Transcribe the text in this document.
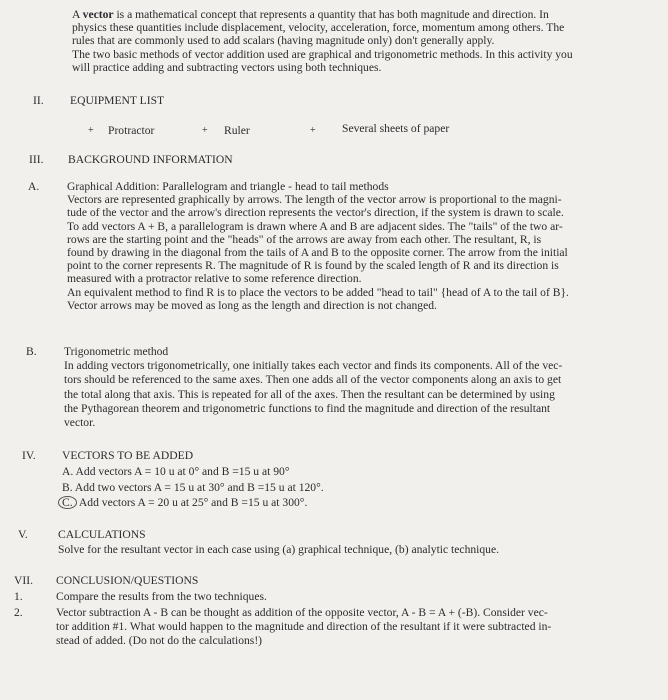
A vector is a mathematical concept that represents a quantity that has both magnitude and direction. In

physics these quantities include displacement, velocity, acceleration, force, momentum among others. The

rules that are commonly used to add scalars (having magnitude only) don't generally apply.

The two basic methods of vector addition used are graphical and trigonometric methods. In this activity you

will practice adding and subtracting vectors using both techniques.

II. EQUIPMENT LIST
+ Protractor	+ Ruler	+ Several sheets of paper
III. BACKGROUND INFORMATION
A. Graphical Addition: Parallelogram and triangle - head to tail methods

Vectors are represented graphically by arrows. The length of the vector arrow is proportional to the magni-

tude of the vector and the arrow's direction represents the vector's direction, if the system is drawn to scale.

To add vectors A + B, a parallelogram is drawn where A and B are adjacent sides. The "tails" of the two ar-

rows are the starting point and the "heads" of the arrows are away from each other. The resultant, R, is

found by drawing in the diagonal from the tails of A and B to the opposite corner. The arrow from the initial

point to the corner represents R. The magnitude of R is found by the scaled length of R and its direction is

measured with a protractor relative to some reference direction.

An equivalent method to find R is to place the vectors to be added "head to tail" {head of A to the tail of B}.

Vector arrows may be moved as long as the length and direction is not changed.

B. Trigonometric method

In adding vectors trigonometrically, one initially takes each vector and finds its components. All of the vec-

tors should be referenced to the same axes. Then one adds all of the vector components along an axis to get

the total along that axis. This is repeated for all of the axes. Then the resultant can be determined by using

the Pythagorean theorem and trigonometric functions to find the magnitude and direction of the resultant

vector.

IV. VECTORS TO BE ADDED
A. Add vectors A = 10 u at 0° and B =15 u at 90°
B. Add two vectors A = 15 u at 30° and B =15 u at 120°.
C. Add vectors A = 20 u at 25° and B =15 u at 300°.
V.	CALCULATIONS
Solve for the resultant vector in each case using (a) graphical technique, (b) analytic technique.
VII. CONCLUSION/QUESTIONS
1.	Compare the results from the two techniques.
2.	Vector subtraction A - B can be thought as addition of the opposite vector, A - B = A + (-B). Consider vec-

tor addition #1. What would happen to the magnitude and direction of the resultant if it were subtracted in-

stead of added. (Do not do the calculations!)
